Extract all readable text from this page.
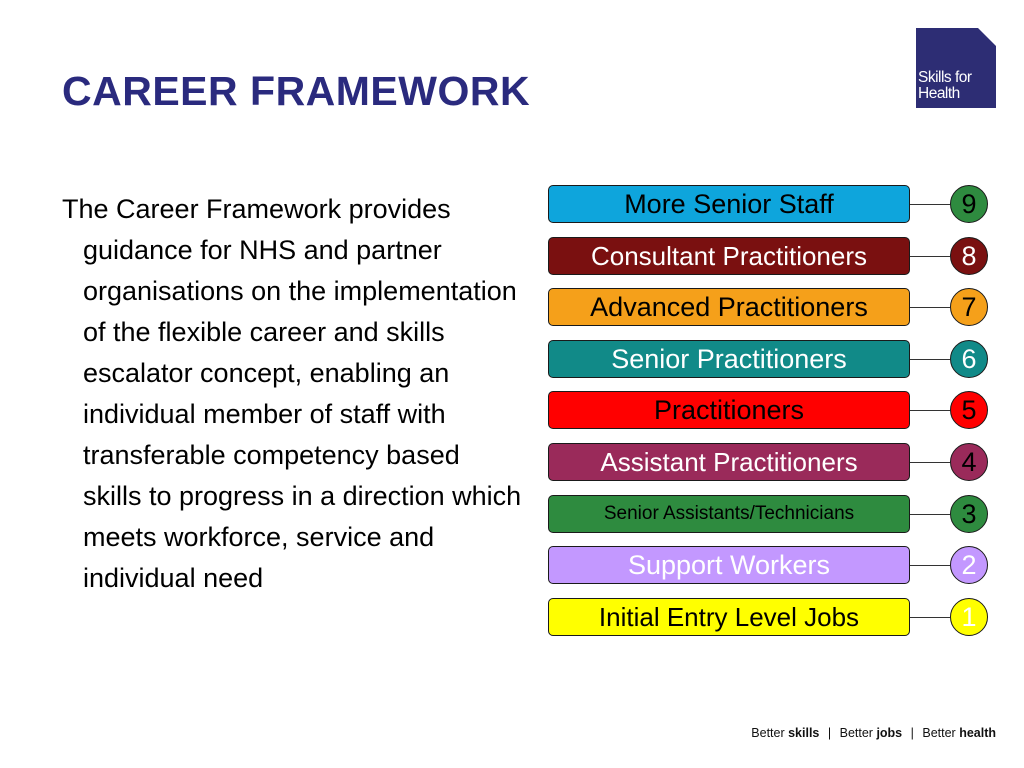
CAREER FRAMEWORK	Skills for
Health

The Career Framework provides guidance for NHS and partner organisations on the implementation of the flexible career and skills escalator concept, enabling an individual member of staff with transferable competency based skills to progress in a direction which meets workforce, service and individual need

More Senior Staff	9
Consultant Practitioners	8
Advanced Practitioners	7
Senior Practitioners	6
Practitioners	5
Assistant Practitioners	4
Senior Assistants/Technicians	3
Support Workers	2
Initial Entry Level Jobs	1
Better skills | Better jobs | Better health
